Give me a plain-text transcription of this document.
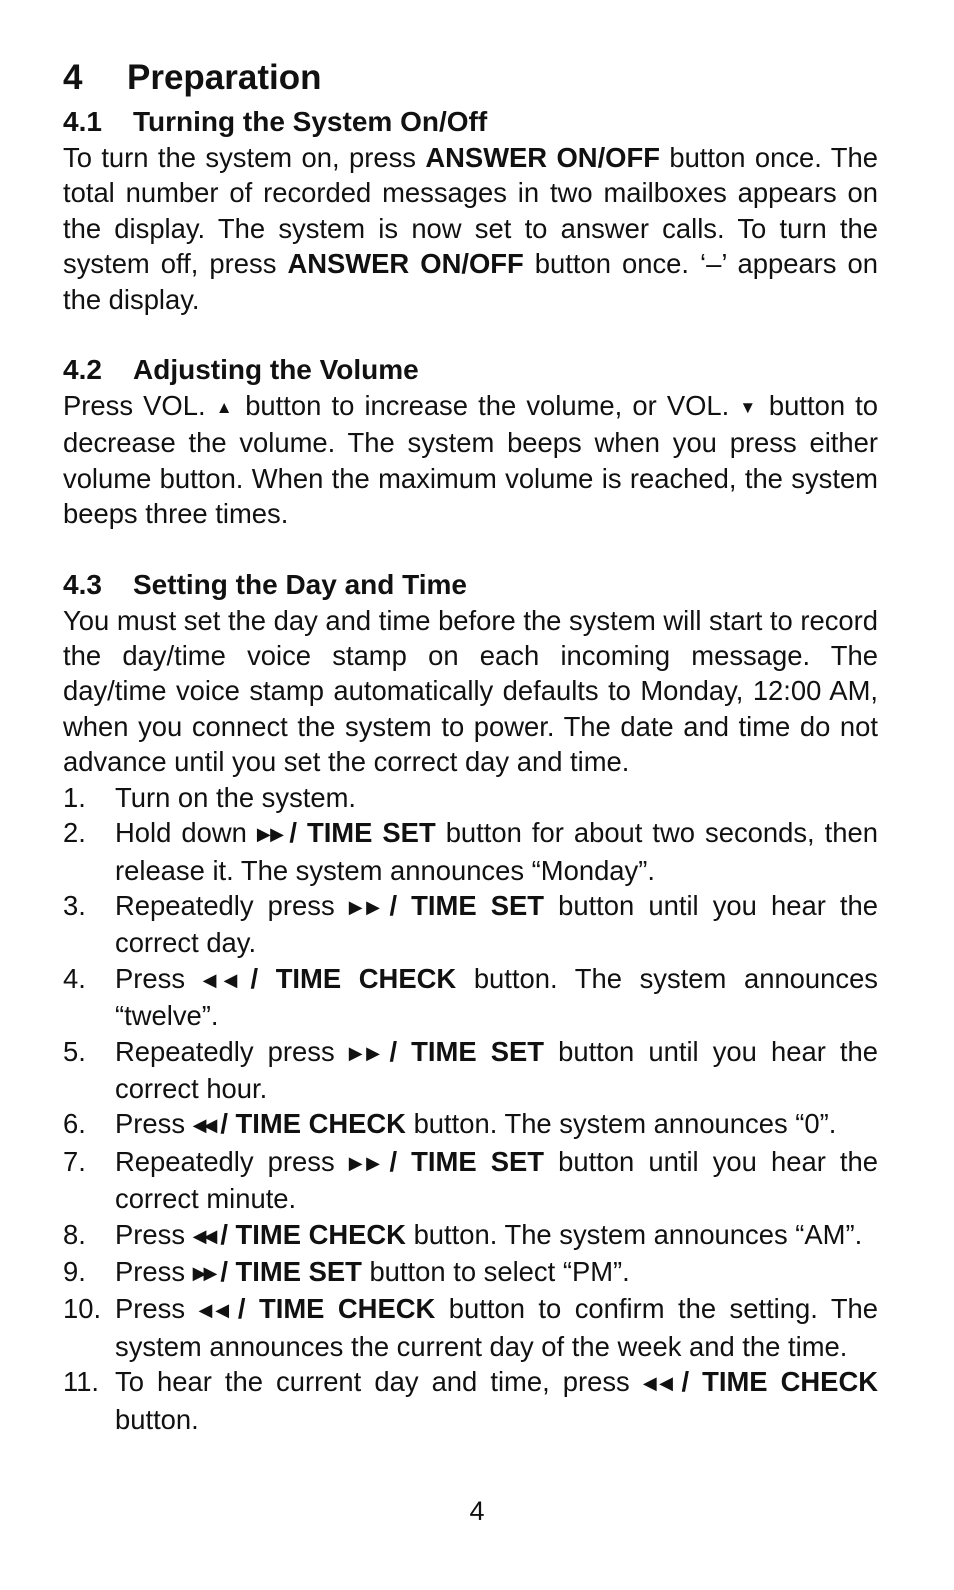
4 Preparation
4.1 Turning the System On/Off

To turn the system on, press ANSWER ON/OFF button once. The total number of recorded messages in two mailboxes appears on the display. The system is now set to answer calls. To turn the system off, press ANSWER ON/OFF button once. ‘–’ appears on the display.

4.2 Adjusting the Volume

Press VOL. ▲ button to increase the volume, or VOL. ▼ button to decrease the volume. The system beeps when you press either volume button. When the maximum volume is reached, the system beeps three times.

4.3 Setting the Day and Time

You must set the day and time before the system will start to record the day/time voice stamp on each incoming message. The day/time voice stamp automatically defaults to Monday, 12:00 AM, when you connect the system to power. The date and time do not advance until you set the correct day and time.

1. Turn on the system.
2. Hold down ▶▶ / TIME SET button for about two seconds, then release it. The system announces “Monday”.
3. Repeatedly press ▶▶ / TIME SET button until you hear the correct day.
4. Press ◀◀ / TIME CHECK button. The system announces “twelve”.
5. Repeatedly press ▶▶ / TIME SET button until you hear the correct hour.
6. Press ◀◀ / TIME CHECK button. The system announces “0”.
7. Repeatedly press ▶▶ / TIME SET button until you hear the correct minute.
8. Press ◀◀ / TIME CHECK button. The system announces “AM”.
9. Press ▶▶ / TIME SET button to select “PM”.
10. Press ◀◀ / TIME CHECK button to confirm the setting. The system announces the current day of the week and the time.
11. To hear the current day and time, press ◀◀ / TIME CHECK button.
4
